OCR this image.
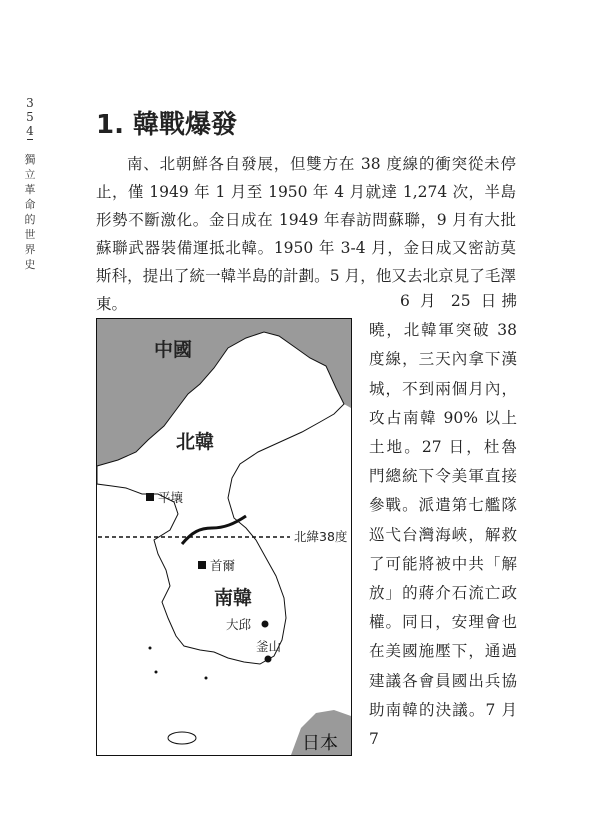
3
5
4
獨立革命的世界史
1. 韓戰爆發

南、北朝鮮各自發展，但雙方在 38 度線的衝突從未停止，僅 1949 年 1 月至 1950 年 4 月就達 1,274 次，半島形勢不斷激化。金日成在 1949 年春訪問蘇聯，9 月有大批蘇聯武器裝備運抵北韓。1950 年 3-4 月，金日成又密訪莫斯科，提出了統一韓半島的計劃。5 月，他又去北京見了毛澤東。

中國
北韓
平壤
北緯38度
首爾
南韓
大邱
釜山
日本

6 月 25 日拂曉，北韓軍突破 38 度線，三天內拿下漢城，不到兩個月內，攻占南韓 90% 以上土地。27 日，杜魯門總統下令美軍直接參戰。派遣第七艦隊巡弋台灣海峽，解救了可能將被中共「解放」的蔣介石流亡政權。同日，安理會也在美國施壓下，通過建議各會員國出兵協助南韓的決議。7 月 7
